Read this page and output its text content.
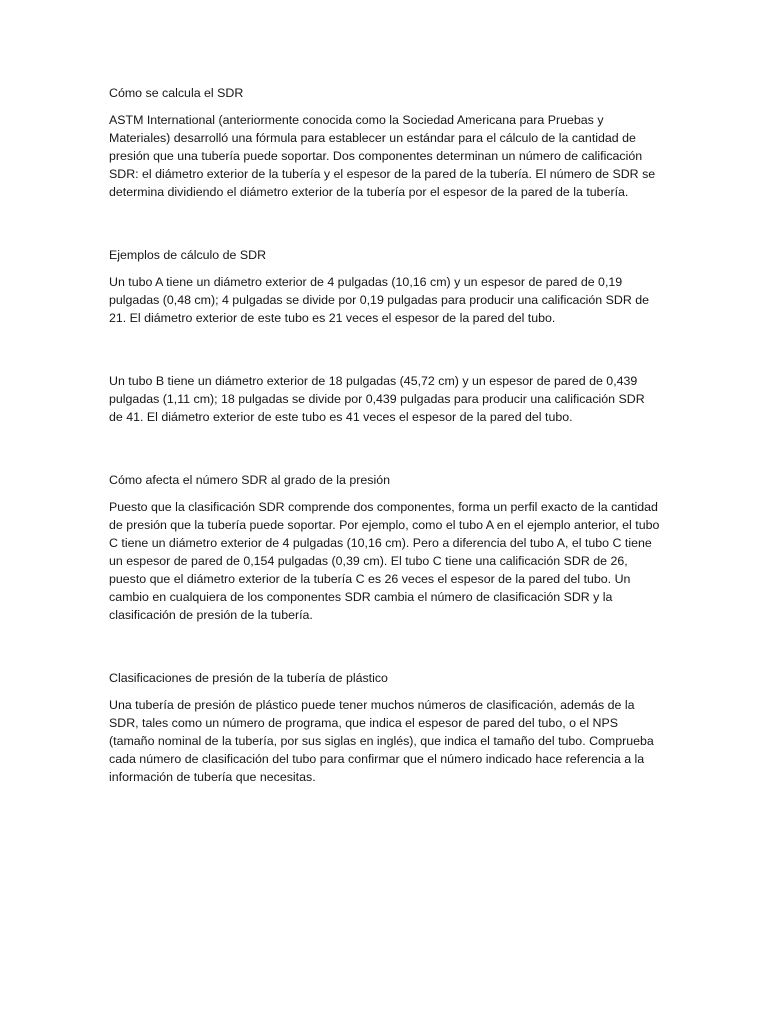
Cómo se calcula el SDR

ASTM International (anteriormente conocida como la Sociedad Americana para Pruebas y Materiales) desarrolló una fórmula para establecer un estándar para el cálculo de la cantidad de presión que una tubería puede soportar. Dos componentes determinan un número de calificación SDR: el diámetro exterior de la tubería y el espesor de la pared de la tubería. El número de SDR se determina dividiendo el diámetro exterior de la tubería por el espesor de la pared de la tubería.

Ejemplos de cálculo de SDR

Un tubo A tiene un diámetro exterior de 4 pulgadas (10,16 cm) y un espesor de pared de 0,19 pulgadas (0,48 cm); 4 pulgadas se divide por 0,19 pulgadas para producir una calificación SDR de 21. El diámetro exterior de este tubo es 21 veces el espesor de la pared del tubo.

Un tubo B tiene un diámetro exterior de 18 pulgadas (45,72 cm) y un espesor de pared de 0,439 pulgadas (1,11 cm); 18 pulgadas se divide por 0,439 pulgadas para producir una calificación SDR de 41. El diámetro exterior de este tubo es 41 veces el espesor de la pared del tubo.

Cómo afecta el número SDR al grado de la presión

Puesto que la clasificación SDR comprende dos componentes, forma un perfil exacto de la cantidad de presión que la tubería puede soportar. Por ejemplo, como el tubo A en el ejemplo anterior, el tubo C tiene un diámetro exterior de 4 pulgadas (10,16 cm). Pero a diferencia del tubo A, el tubo C tiene un espesor de pared de 0,154 pulgadas (0,39 cm). El tubo C tiene una calificación SDR de 26, puesto que el diámetro exterior de la tubería C es 26 veces el espesor de la pared del tubo. Un cambio en cualquiera de los componentes SDR cambia el número de clasificación SDR y la clasificación de presión de la tubería.

Clasificaciones de presión de la tubería de plástico

Una tubería de presión de plástico puede tener muchos números de clasificación, además de la SDR, tales como un número de programa, que indica el espesor de pared del tubo, o el NPS (tamaño nominal de la tubería, por sus siglas en inglés), que indica el tamaño del tubo. Comprueba cada número de clasificación del tubo para confirmar que el número indicado hace referencia a la información de tubería que necesitas.
